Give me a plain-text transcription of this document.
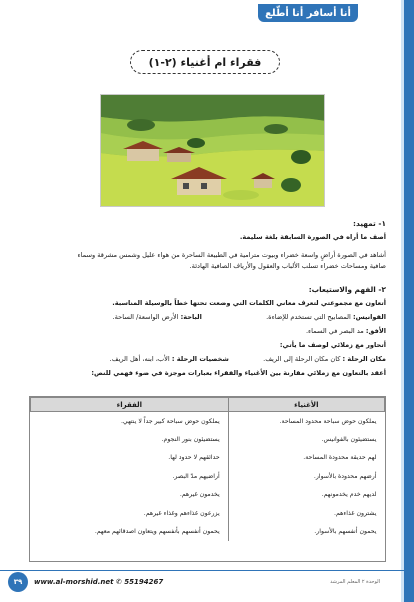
أنا أسافر أنا أطّلع
فقراء ام أغنياء (٢-١)
١- تمهيد:
أصف ما أراه في الصورة السابقة بلغة سليمة.
أشاهد في الصورة أراضٍ واسعة خضراء وبيوت مترامية في الطبيعة الساحرة من هواء عليل وشمس مشرقة وسماء
صافية ومساحات خضراء تسلب الألباب والعقول والأرياف الصافية الهادئة.
٢- الفهم والاستيعاب:
أتعاون مع مجموعتي لتعرف معاني الكلمات التي وضعت تحتها خطاً بالوسيلة المناسبة.
الفوانيس: المصابيح التي تستخدم للإضاءة.  الباحة: الأرض الواسعة/ الساحة.
الأفق: مد البصر في السماء.
أتحاور مع زملائي لوصف ما يأتي:
مكان الرحلة : كان مكان الرحلة إلى الريف.  شخصيات الرحلة : الأب، ابنه، أهل الريف.
أعقد بالتعاون مع زملائي مقارنة بين الأغنياء والفقراء بعبارات موجزة في ضوء فهمي للنص:
الأغنياء	الفقراء
يملكون حوض سباحة محدود المساحة.	يملكون حوض سباحة كبير جداً لا ينتهي.
يستضيئون بالفوانيس.	يستضيئون بنور النجوم.
لهم حديقة محدودة المساحة.	حدائقهم لا حدود لها.
أرضهم محدودة بالأسوار.	أراضيهم مدّ البصر.
لديهم خدم يخدمونهم.	يخدمون غيرهم.
يشترون غذاءهم.	يزرعون غذاءهم وغذاء غيرهم.
يحمون أنفسهم بالأسوار.	يحمون أنفسهم بأنفسهم ويتعاون اصدقائهم معهم.
٣٩ www.al-morshid.net ✆ 55194267	الوحدة ٢ المعلم المرشد
